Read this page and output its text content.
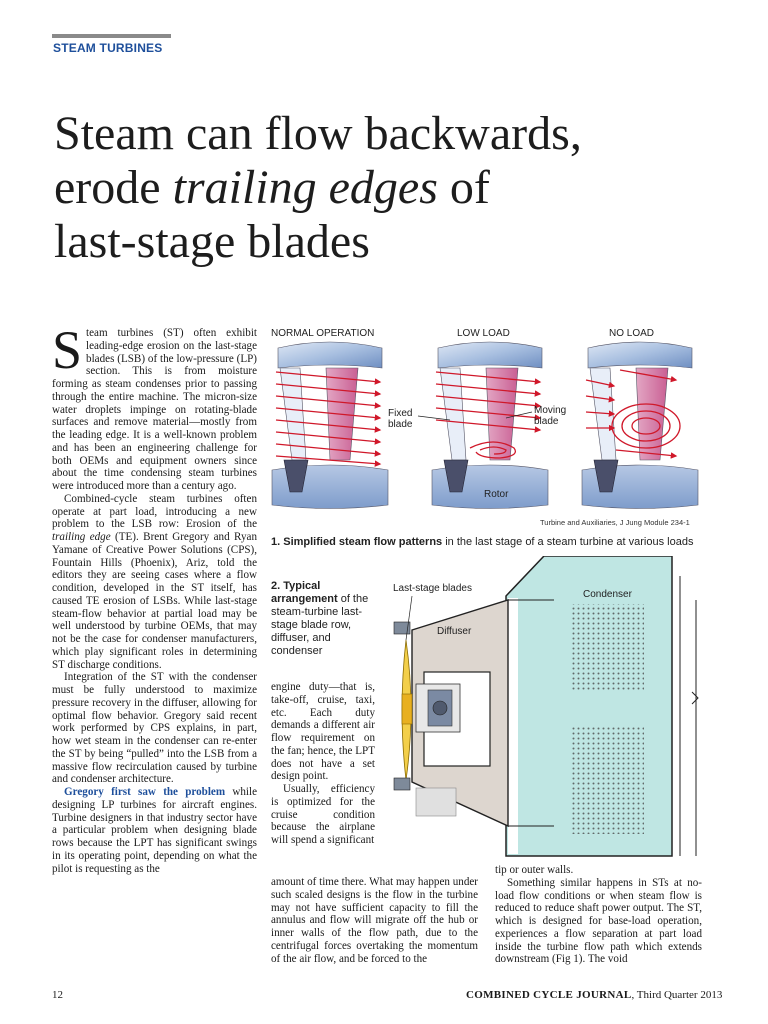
STEAM TURBINES
Steam can flow backwards,
erode trailing edges of
last-stage blades
S team turbines (ST) often exhibit leading-edge erosion on the last-stage blades (LSB) of the low-pressure (LP) section. This is from moisture forming as steam condenses prior to passing through the entire machine. The micron-size water droplets impinge on rotating-blade surfaces and remove material—mostly from the leading edge. It is a well-known problem and has been an engineering challenge for both OEMs and equipment owners since about the time condensing steam turbines were introduced more than a century ago.

Combined-cycle steam turbines often operate at part load, introducing a new problem to the LSB row: Erosion of the trailing edge (TE). Brent Gregory and Ryan Yamane of Creative Power Solutions (CPS), Fountain Hills (Phoenix), Ariz, told the editors they are seeing cases where a flow condition, developed in the ST itself, has caused TE erosion of LSBs. While last-stage steam-flow behavior at partial load may be well understood by turbine OEMs, that may not be the case for condenser manufacturers, which play significant roles in determining ST discharge conditions.

Integration of the ST with the condenser must be fully understood to maximize pressure recovery in the diffuser, allowing for optimal flow behavior. Gregory said recent work performed by CPS explains, in part, how wet steam in the condenser can re-enter the ST by being “pulled” into the LSB from a massive flow recirculation caused by turbine and condenser architecture.

Gregory first saw the problem while designing LP turbines for aircraft engines. Turbine designers in that industry sector have a particular problem when designing blade rows because the LPT has significant swings in its operating point, depending on what the pilot is requesting as the

NORMAL OPERATION	LOW LOAD	NO LOAD
Fixed
blade
Moving
blade
Rotor
Turbine and Auxiliaries, J Jung Module 234-1
1. Simplified steam flow patterns in the last stage of a steam turbine at various loads
2. Typical arrangement of the steam-turbine last-stage blade row, diffuser, and condenser
Last-stage blades
Diffuser
Condenser

engine duty—that is, take-off, cruise, taxi, etc. Each duty demands a different air flow requirement on the fan; hence, the LPT does not have a set design point.

Usually, efficiency is optimized for the cruise condition because the airplane will spend a significant

amount of time there. What may happen under such scaled designs is the flow in the turbine may not have sufficient capacity to fill the annulus and flow will migrate off the hub or inner walls of the flow path, due to the centrifugal forces overtaking the momentum of the air flow, and be forced to the

tip or outer walls.

Something similar happens in STs at no-load flow conditions or when steam flow is reduced to reduce shaft power output. The ST, which is designed for base-load operation, experiences a flow separation at part load inside the turbine flow path which extends downstream (Fig 1). The void

12	COMBINED CYCLE JOURNAL, Third Quarter 2013
